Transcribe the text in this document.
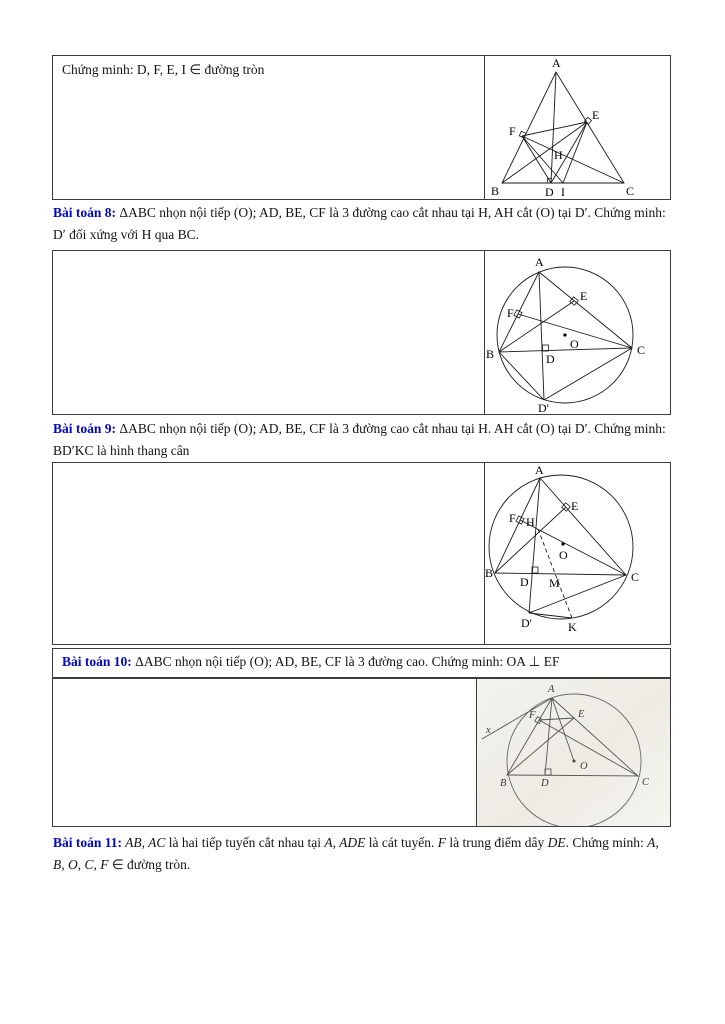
Chứng minh: D, F, E, I ∈ đường tròn	A
B	C
D I
F
E
H

Bài toán 8: ΔABC nhọn nội tiếp (O); AD, BE, CF là 3 đường cao cắt nhau tại H, AH cắt (O) tại D′. Chứng minh: D′ đối xứng với H qua BC.

A
B	C
D
D'
E
F
O

Bài toán 9: ΔABC nhọn nội tiếp (O); AD, BE, CF là 3 đường cao cắt nhau tại H. AH cắt (O) tại D′. Chứng minh: BD′KC là hình thang cân

A
B	C
F H
E
O
D M
D'	K
Bài toán 10: ΔABC nhọn nội tiếp (O); AD, BE, CF là 3 đường cao. Chứng minh: OA ⊥ EF
x
A
E
F
B	D
O
C

Bài toán 11: AB, AC là hai tiếp tuyến cắt nhau tại A, ADE là cát tuyến. F là trung điểm dây DE. Chứng minh: A, B, O, C, F ∈ đường tròn.
